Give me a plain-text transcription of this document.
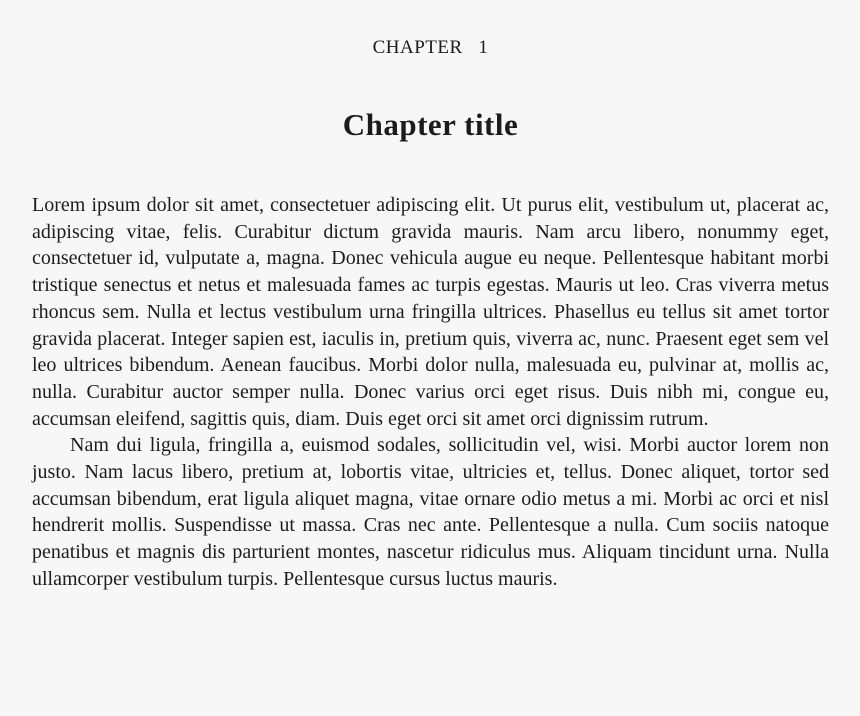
CHAPTER 1
Chapter title

Lorem ipsum dolor sit amet, consectetuer adipiscing elit. Ut purus elit, vestibulum ut, placerat ac, adipiscing vitae, felis. Curabitur dictum gravida mauris. Nam arcu libero, nonummy eget, consectetuer id, vulputate a, magna. Donec vehicula augue eu neque. Pellentesque habitant morbi tristique senectus et netus et malesuada fames ac turpis egestas. Mauris ut leo. Cras viverra metus rhoncus sem. Nulla et lectus vestibulum urna fringilla ultrices. Phasellus eu tellus sit amet tortor gravida placerat. Integer sapien est, iaculis in, pretium quis, viverra ac, nunc. Praesent eget sem vel leo ultrices bibendum. Aenean faucibus. Morbi dolor nulla, malesuada eu, pulvinar at, mollis ac, nulla. Curabitur auctor semper nulla. Donec varius orci eget risus. Duis nibh mi, congue eu, accumsan eleifend, sagittis quis, diam. Duis eget orci sit amet orci dignissim rutrum.

Nam dui ligula, fringilla a, euismod sodales, sollicitudin vel, wisi. Morbi auctor lorem non justo. Nam lacus libero, pretium at, lobortis vitae, ultricies et, tellus. Donec aliquet, tortor sed accumsan bibendum, erat ligula aliquet magna, vitae ornare odio metus a mi. Morbi ac orci et nisl hendrerit mollis. Suspendisse ut massa. Cras nec ante. Pellentesque a nulla. Cum sociis natoque penatibus et magnis dis parturient montes, nascetur ridiculus mus. Aliquam tincidunt urna. Nulla ullamcorper vestibulum turpis. Pellentesque cursus luctus mauris.
